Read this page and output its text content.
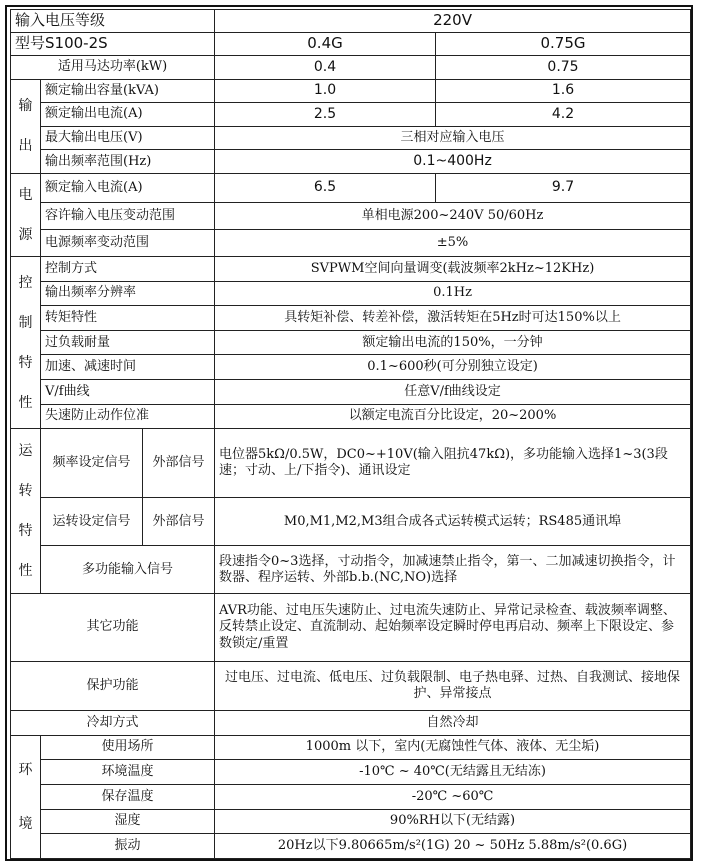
输入电压等级			220V	
型号S100-2S			0.4G	0.75G
适用马达功率(kW)			0.4	0.75

输
出	额定输出容量(kVA)		1.0	1.6
	额定输出电流(A)		2.5	4.2
	最大输出电压(V)		三相对应输入电压	
	输出频率范围(Hz)		0.1~400Hz	

电
源	额定输入电流(A)		6.5	9.7
	容许输入电压变动范围		单相电源200~240V 50/60Hz	
	电源频率变动范围		±5%	

控
制
特
性	控制方式		SVPWM空间向量调变(载波频率2kHz~12KHz)	
	输出频率分辨率		0.1Hz	
	转矩特性		具转矩补偿、转差补偿，激活转矩在5Hz时可达150%以上	
	过负载耐量		额定输出电流的150%，一分钟	
	加速、减速时间		0.1~600秒(可分别独立设定)	
	V/f曲线		任意V/f曲线设定	
	失速防止动作位准		以额定电流百分比设定，20~200%	

运
转
特
性	频率设定信号	外部信号	电位器5kΩ/0.5W，DC0~+10V(输入阻抗47kΩ)，多功能输入选择1~3(3段速；寸动、上/下指令)、通讯设定	
	运转设定信号	外部信号	M0,M1,M2,M3组合成各式运转模式运转；RS485通讯埠	
	多功能输入信号		段速指令0~3选择，寸动指令，加减速禁止指令，第一、二加减速切换指令，计数器、程序运转、外部b.b.(NC,NO)选择	
其它功能			AVR功能、过电压失速防止、过电流失速防止、异常记录检查、载波频率调整、反转禁止设定、直流制动、起始频率设定瞬时停电再启动、频率上下限设定、参数锁定/重置	
保护功能			过电压、过电流、低电压、过负载限制、电子热电驿、过热、自我测试、接地保护、异常接点	
冷却方式			自然冷却	

环
境	使用场所		1000m 以下，室内(无腐蚀性气体、液体、无尘垢)	
	环境温度		-10℃ ~ 40℃(无结露且无结冻)	
	保存温度		-20℃ ~60℃	
	湿度		90%RH以下(无结露)	
	振动		20Hz以下9.80665m/s²(1G) 20 ~ 50Hz 5.88m/s²(0.6G)	
